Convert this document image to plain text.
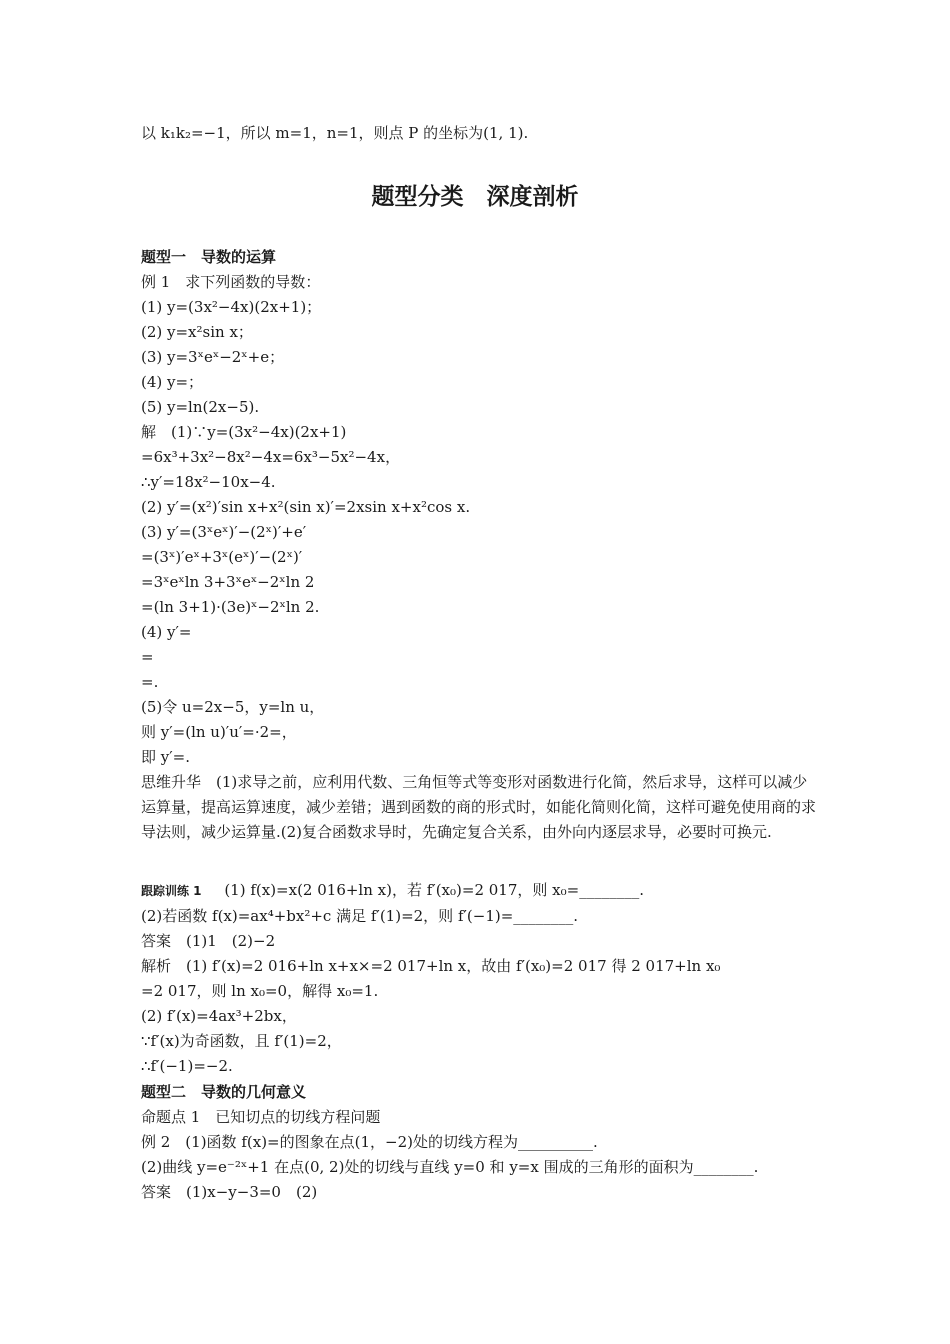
以 k₁k₂=−1，所以 m=1，n=1，则点 P 的坐标为(1, 1).
题型分类　深度剖析
题型一　导数的运算
例 1　求下列函数的导数：
(1) y=(3x²−4x)(2x+1)；
(2) y=x²sin x；
(3) y=3ˣeˣ−2ˣ+e；
(4) y=；
(5) y=ln(2x−5).
解　(1)∵y=(3x²−4x)(2x+1)
=6x³+3x²−8x²−4x=6x³−5x²−4x，
∴y′=18x²−10x−4.
(2) y′=(x²)′sin x+x²(sin x)′=2xsin x+x²cos x.
(3) y′=(3ˣeˣ)′−(2ˣ)′+e′
=(3ˣ)′eˣ+3ˣ(eˣ)′−(2ˣ)′
=3ˣeˣln 3+3ˣeˣ−2ˣln 2
=(ln 3+1)·(3e)ˣ−2ˣln 2.
(4) y′=
=
=.
(5)令 u=2x−5，y=ln u，
则 y′=(ln u)′u′=·2=，
即 y′=.
思维升华　(1)求导之前，应利用代数、三角恒等式等变形对函数进行化简，然后求导，这样可以减少运算量，提高运算速度，减少差错；遇到函数的商的形式时，如能化简则化简，这样可避免使用商的求导法则，减少运算量.(2)复合函数求导时，先确定复合关系，由外向内逐层求导，必要时可换元.
跟踪训练 1 (1) f(x)=x(2 016+ln x)，若 f′(x₀)=2 017，则 x₀=________.
(2)若函数 f(x)=ax⁴+bx²+c 满足 f′(1)=2，则 f′(−1)=________.
答案　(1)1　(2)−2
解析　(1) f′(x)=2 016+ln x+x×=2 017+ln x，故由 f′(x₀)=2 017 得 2 017+ln x₀
=2 017，则 ln x₀=0，解得 x₀=1.
(2) f′(x)=4ax³+2bx，
∵f′(x)为奇函数，且 f′(1)=2，
∴f′(−1)=−2.
题型二　导数的几何意义
命题点 1　已知切点的切线方程问题
例 2　(1)函数 f(x)=的图象在点(1，−2)处的切线方程为__________.
(2)曲线 y=e⁻²ˣ+1 在点(0, 2)处的切线与直线 y=0 和 y=x 围成的三角形的面积为________.
答案　(1)x−y−3=0　(2)
